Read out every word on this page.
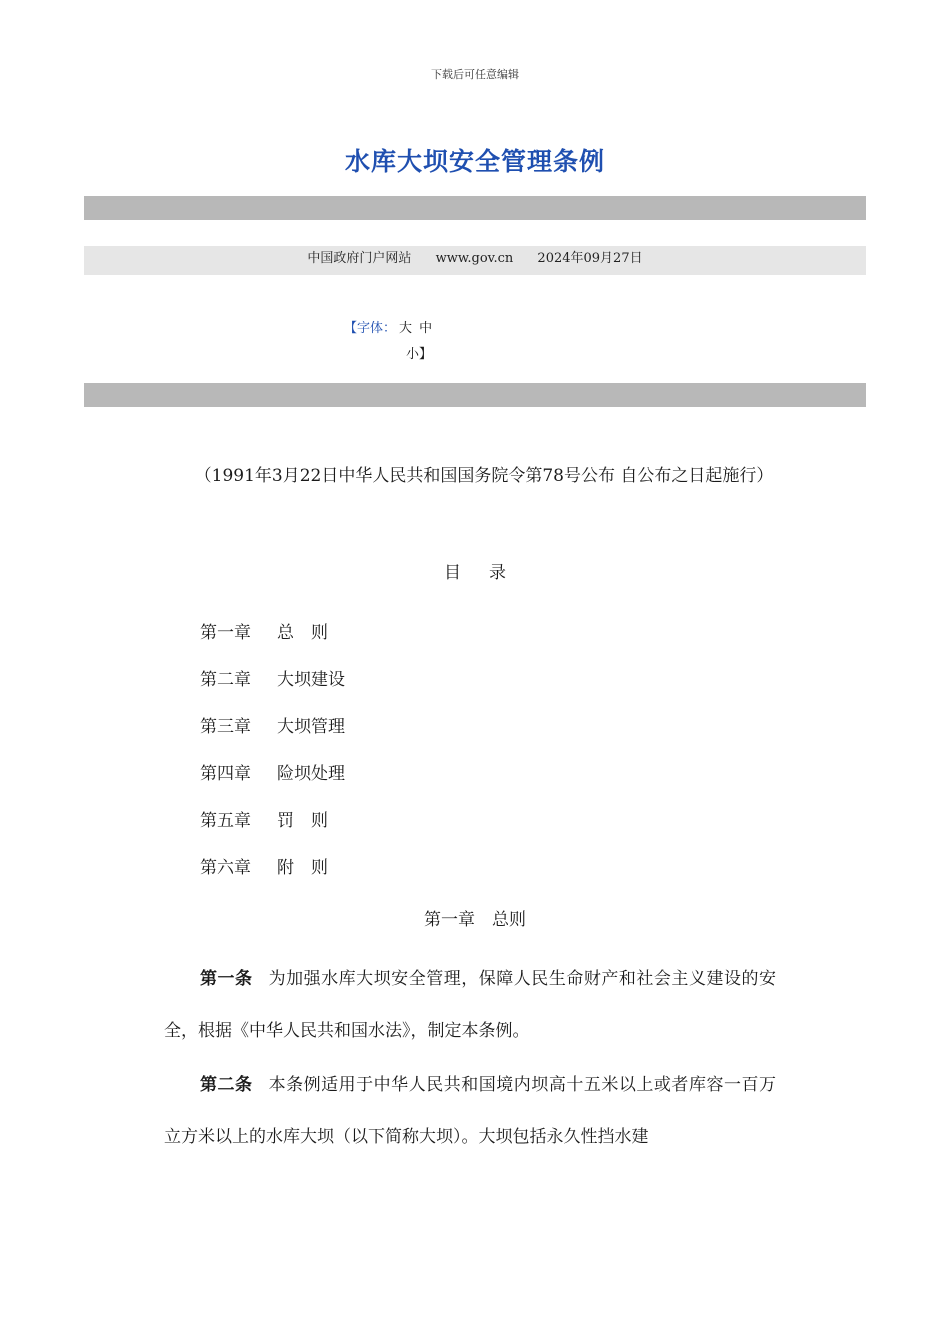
下载后可任意编辑
水库大坝安全管理条例
中国政府门户网站 www.gov.cn 2024年09月27日
【字体： 大 中
小】
（1991年3月22日中华人民共和国国务院令第78号公布 自公布之日起施行）
目录
第一章 总　则
第二章 大坝建设
第三章 大坝管理
第四章 险坝处理
第五章 罚　则
第六章 附　则
第一章　总则

第一条 为加强水库大坝安全管理，保障人民生命财产和社会主义建设的安全，根据《中华人民共和国水法》，制定本条例。

第二条 本条例适用于中华人民共和国境内坝高十五米以上或者库容一百万立方米以上的水库大坝（以下简称大坝）。大坝包括永久性挡水建
